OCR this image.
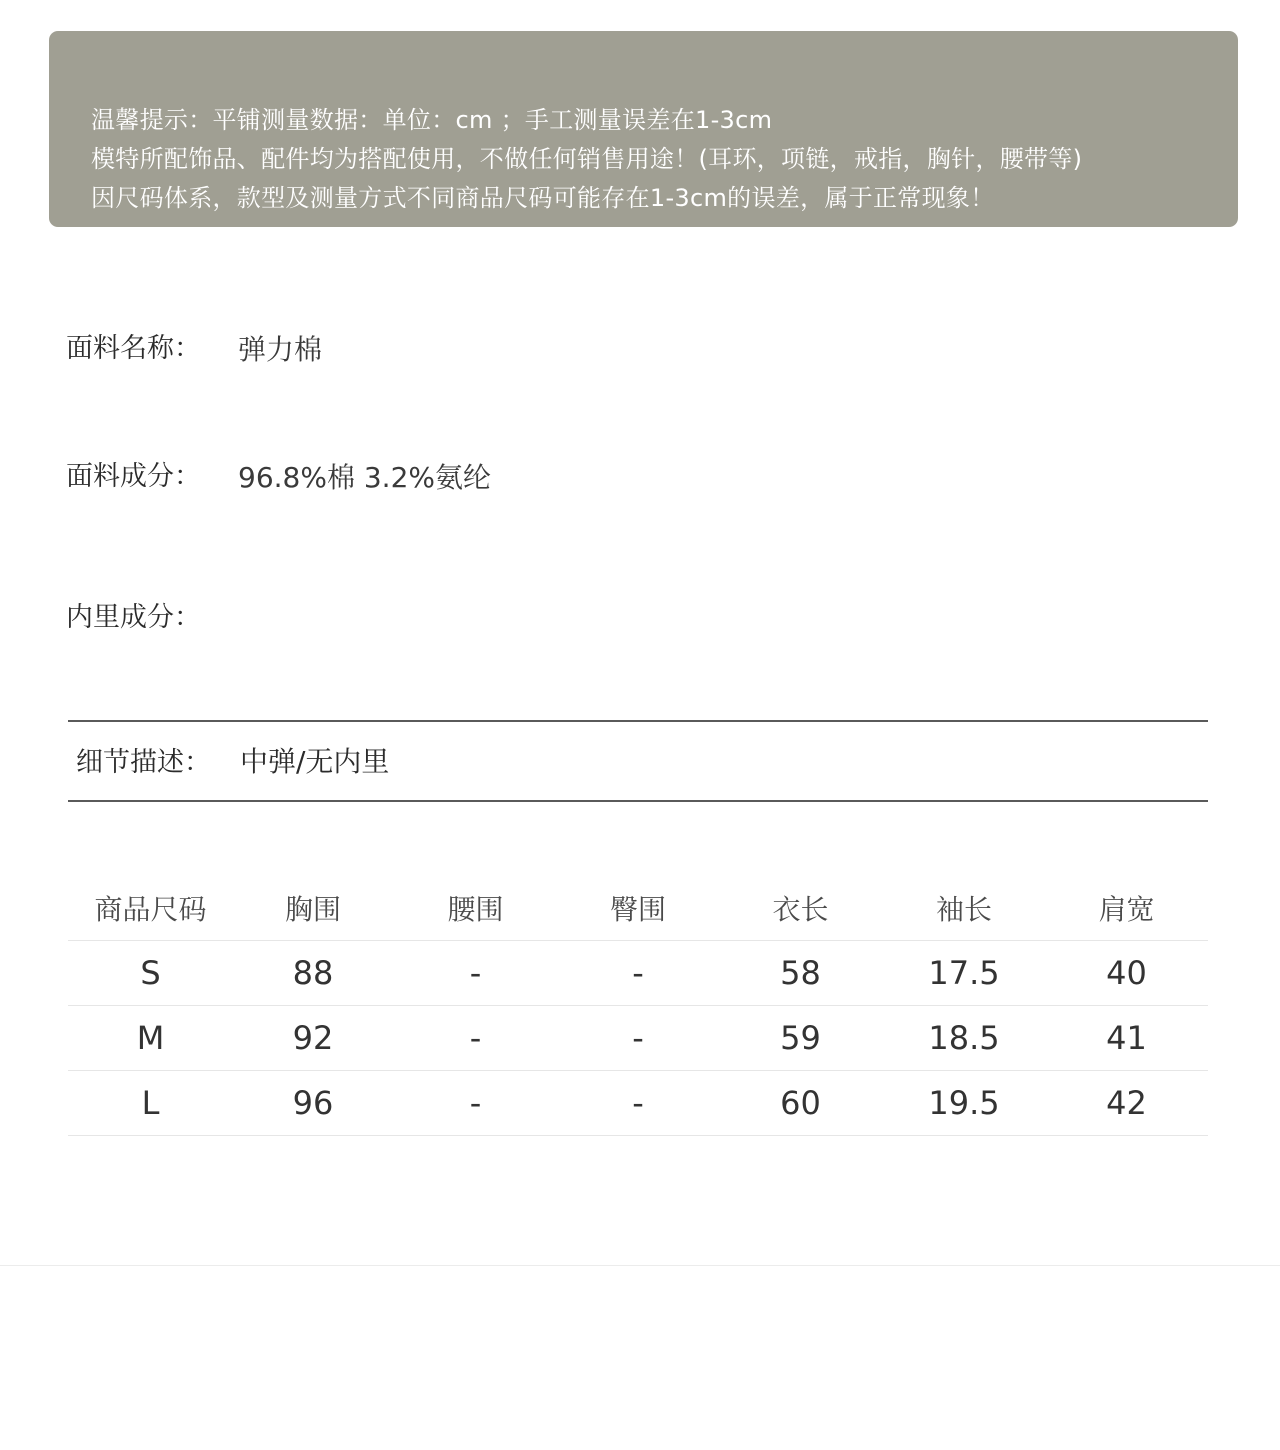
温馨提示：平铺测量数据：单位：cm ；手工测量误差在1-3cm
模特所配饰品、配件均为搭配使用，不做任何销售用途！(耳环，项链，戒指，胸针，腰带等)
因尺码体系，款型及测量方式不同商品尺码可能存在1-3cm的误差，属于正常现象！
面料名称： 弹力棉
面料成分： 96.8%棉 3.2%氨纶
内里成分：
细节描述： 中弹/无内里
商品尺码	胸围	腰围	臀围	衣长	袖长	肩宽
S	88	-	-	58	17.5	40
M	92	-	-	59	18.5	41
L	96	-	-	60	19.5	42
